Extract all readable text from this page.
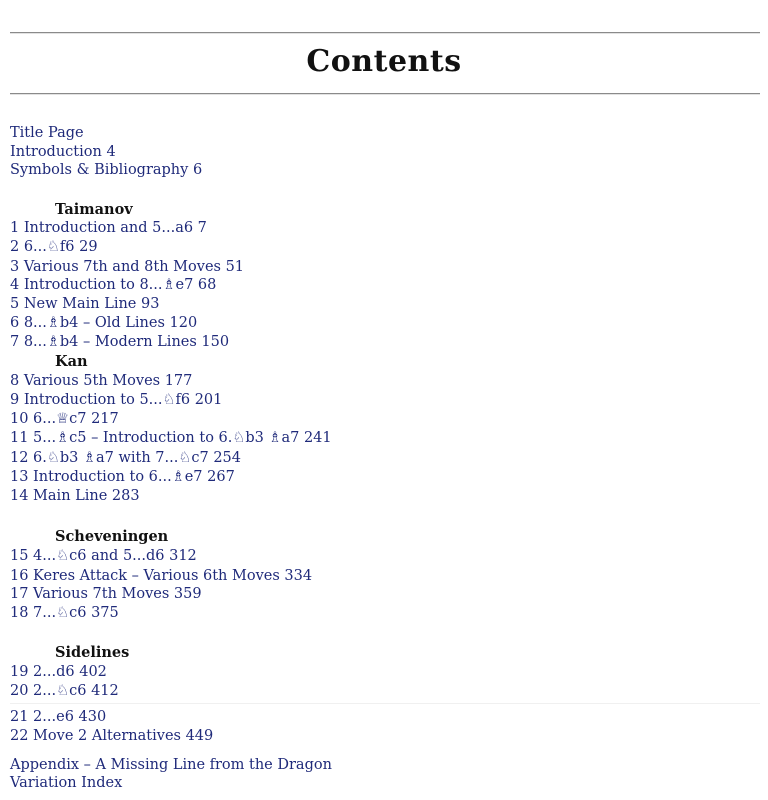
Contents
Title Page
Introduction 4
Symbols & Bibliography 6
Taimanov
1 Introduction and 5...a6 7
2 6...♘f6 29
3 Various 7th and 8th Moves 51
4 Introduction to 8...♗e7 68
5 New Main Line 93
6 8...♗b4 – Old Lines 120
7 8...♗b4 – Modern Lines 150
Kan
8 Various 5th Moves 177
9 Introduction to 5...♘f6 201
10 6...♕c7 217
11 5...♗c5 – Introduction to 6.♘b3 ♗a7 241
12 6.♘b3 ♗a7 with 7...♘c7 254
13 Introduction to 6...♗e7 267
14 Main Line 283
Scheveningen
15 4...♘c6 and 5...d6 312
16 Keres Attack – Various 6th Moves 334
17 Various 7th Moves 359
18 7...♘c6 375
Sidelines
19 2...d6 402
20 2...♘c6 412
21 2...e6 430
22 Move 2 Alternatives 449
Appendix – A Missing Line from the Dragon
Variation Index
